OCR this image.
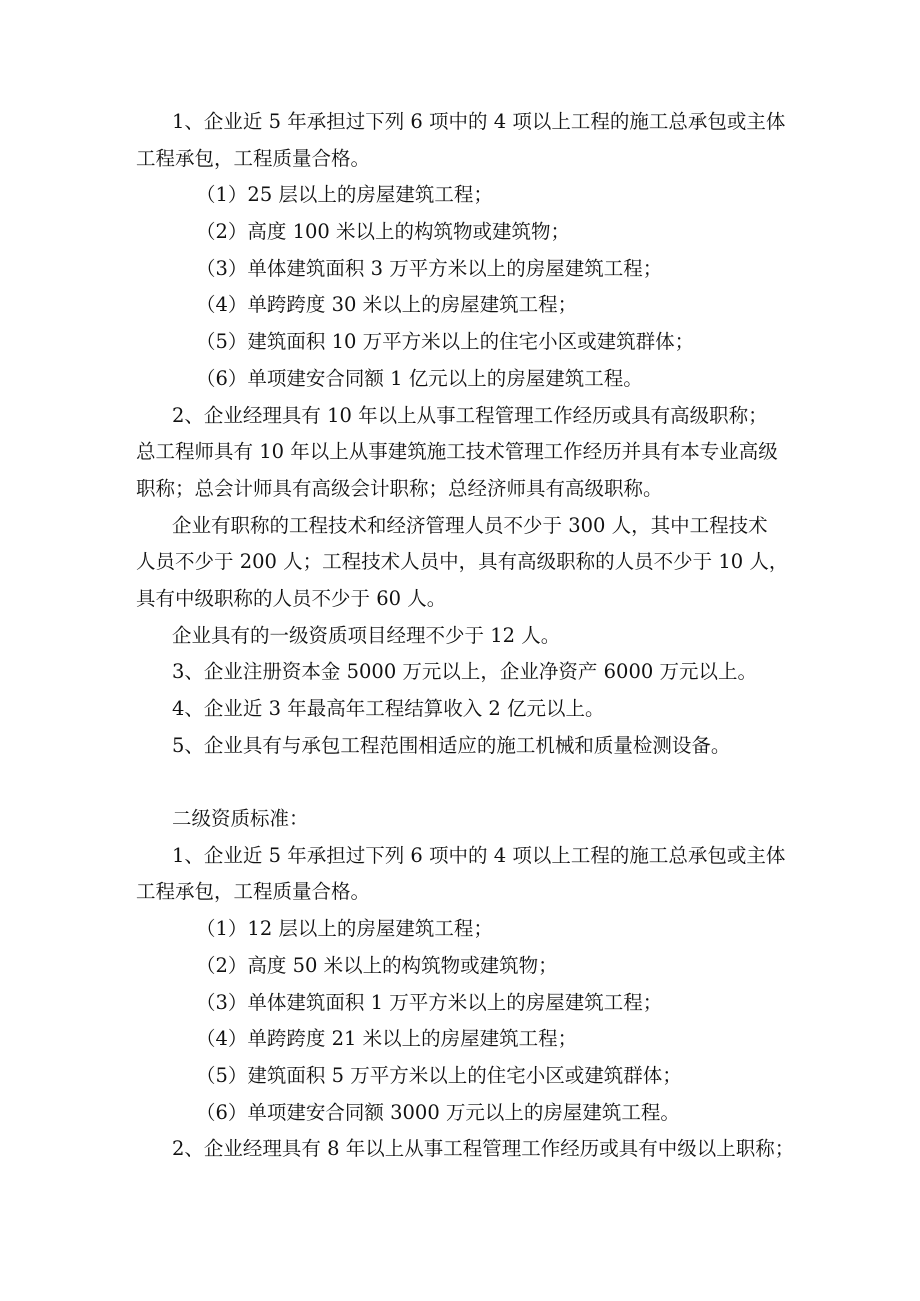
1、企业近 5 年承担过下列 6 项中的 4 项以上工程的施工总承包或主体
工程承包，工程质量合格。
（1）25 层以上的房屋建筑工程；
（2）高度 100 米以上的构筑物或建筑物；
（3）单体建筑面积 3 万平方米以上的房屋建筑工程；
（4）单跨跨度 30 米以上的房屋建筑工程；
（5）建筑面积 10 万平方米以上的住宅小区或建筑群体；
（6）单项建安合同额 1 亿元以上的房屋建筑工程。
2、企业经理具有 10 年以上从事工程管理工作经历或具有高级职称；
总工程师具有 10 年以上从事建筑施工技术管理工作经历并具有本专业高级
职称；总会计师具有高级会计职称；总经济师具有高级职称。
企业有职称的工程技术和经济管理人员不少于 300 人，其中工程技术
人员不少于 200 人；工程技术人员中，具有高级职称的人员不少于 10 人，
具有中级职称的人员不少于 60 人。
企业具有的一级资质项目经理不少于 12 人。
3、企业注册资本金 5000 万元以上，企业净资产 6000 万元以上。
4、企业近 3 年最高年工程结算收入 2 亿元以上。
5、企业具有与承包工程范围相适应的施工机械和质量检测设备。
二级资质标准：
1、企业近 5 年承担过下列 6 项中的 4 项以上工程的施工总承包或主体
工程承包，工程质量合格。
（1）12 层以上的房屋建筑工程；
（2）高度 50 米以上的构筑物或建筑物；
（3）单体建筑面积 1 万平方米以上的房屋建筑工程；
（4）单跨跨度 21 米以上的房屋建筑工程；
（5）建筑面积 5 万平方米以上的住宅小区或建筑群体；
（6）单项建安合同额 3000 万元以上的房屋建筑工程。
2、企业经理具有 8 年以上从事工程管理工作经历或具有中级以上职称；
